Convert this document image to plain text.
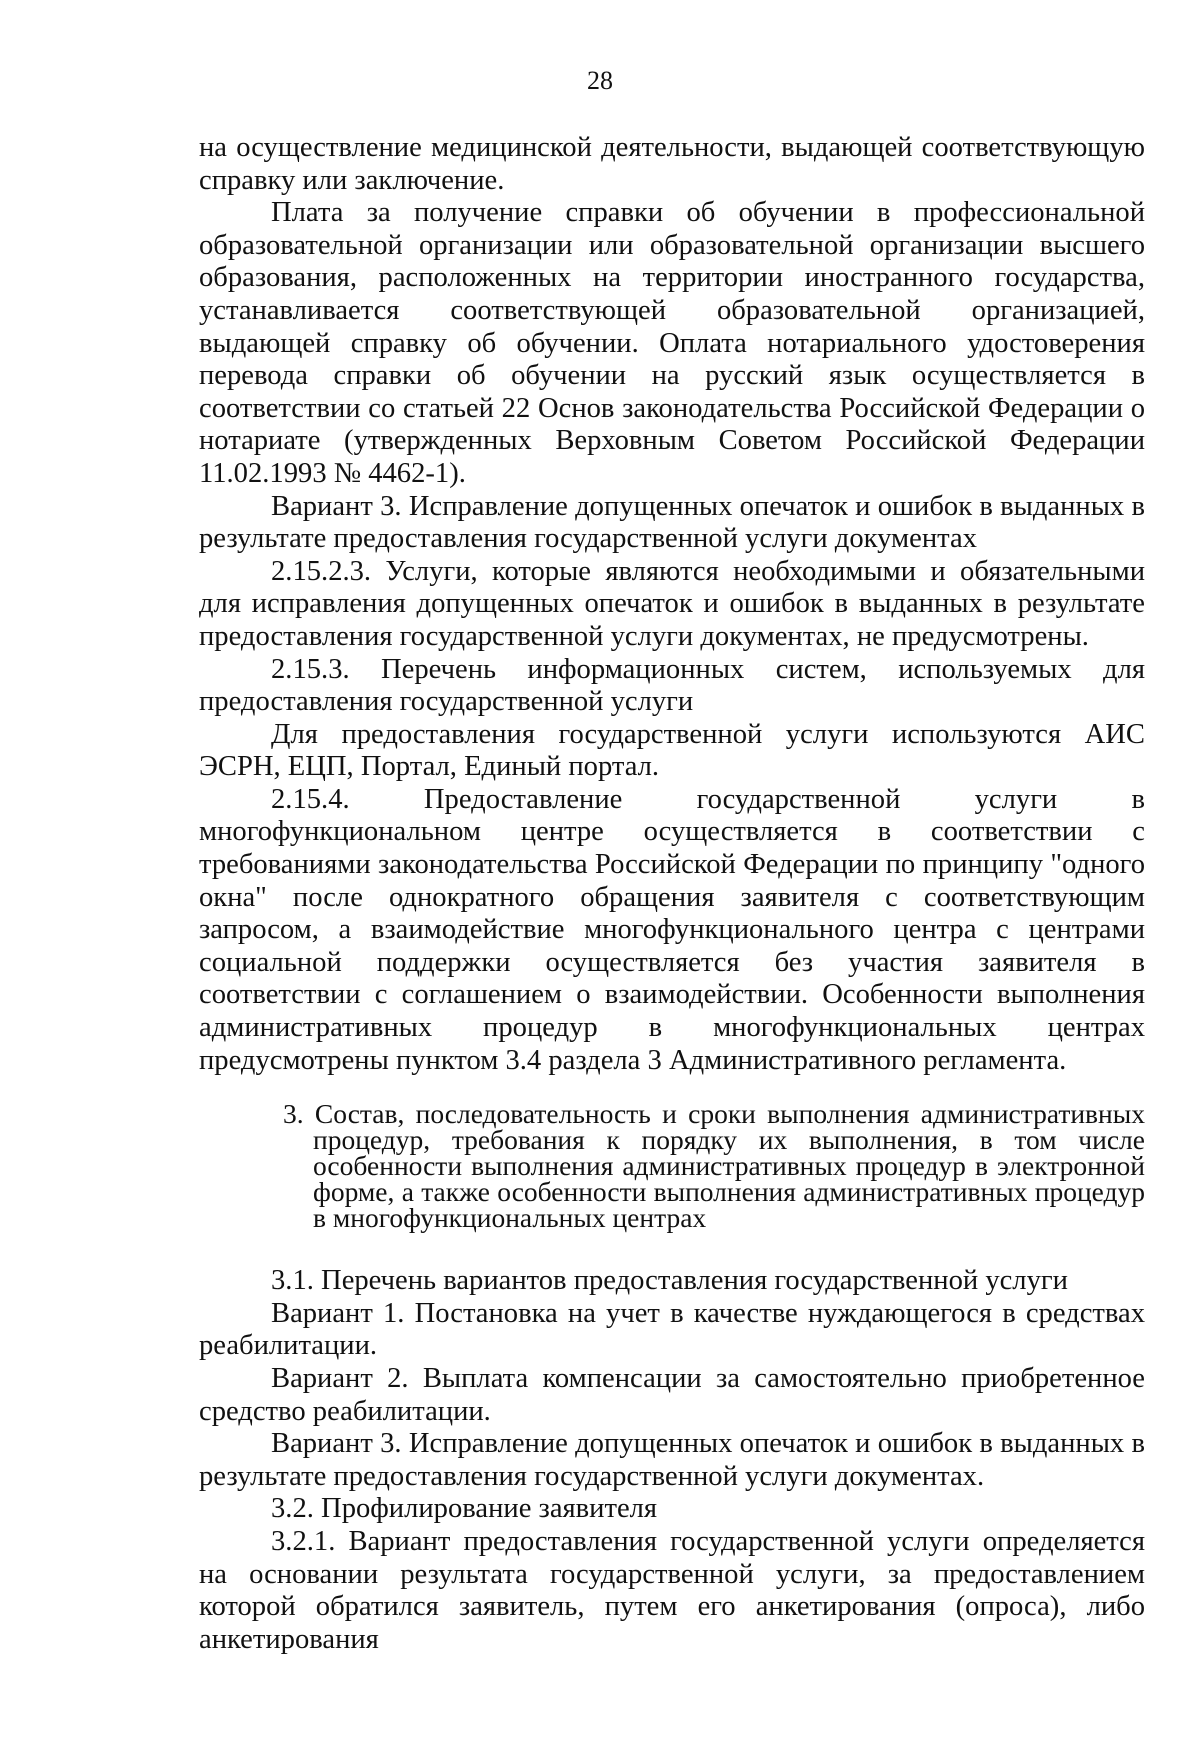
28

на осуществление медицинской деятельности, выдающей соответствующую справку или заключение.

Плата за получение справки об обучении в профессиональной образовательной организации или образовательной организации высшего образования, расположенных на территории иностранного государства, устанавливается соответствующей образовательной организацией, выдающей справку об обучении. Оплата нотариального удостоверения перевода справки об обучении на русский язык осуществляется в соответствии со статьей 22 Основ законодательства Российской Федерации о нотариате (утвержденных Верховным Советом Российской Федерации 11.02.1993 № 4462-1).

Вариант 3. Исправление допущенных опечаток и ошибок в выданных в результате предоставления государственной услуги документах

2.15.2.3. Услуги, которые являются необходимыми и обязательными для исправления допущенных опечаток и ошибок в выданных в результате предоставления государственной услуги документах, не предусмотрены.

2.15.3. Перечень информационных систем, используемых для предоставления государственной услуги

Для предоставления государственной услуги используются АИС ЭСРН, ЕЦП, Портал, Единый портал.

2.15.4. Предоставление государственной услуги в многофункциональном центре осуществляется в соответствии с требованиями законодательства Российской Федерации по принципу "одного окна" после однократного обращения заявителя с соответствующим запросом, а взаимодействие многофункционального центра с центрами социальной поддержки осуществляется без участия заявителя в соответствии с соглашением о взаимодействии. Особенности выполнения административных процедур в многофункциональных центрах предусмотрены пунктом 3.4 раздела 3 Административного регламента.

3. Состав, последовательность и сроки выполнения административных процедур, требования к порядку их выполнения, в том числе особенности выполнения административных процедур в электронной форме, а также особенности выполнения административных процедур в многофункциональных центрах

3.1. Перечень вариантов предоставления государственной услуги

Вариант 1. Постановка на учет в качестве нуждающегося в средствах реабилитации.

Вариант 2. Выплата компенсации за самостоятельно приобретенное средство реабилитации.

Вариант 3. Исправление допущенных опечаток и ошибок в выданных в результате предоставления государственной услуги документах.

3.2. Профилирование заявителя

3.2.1. Вариант предоставления государственной услуги определяется на основании результата государственной услуги, за предоставлением которой обратился заявитель, путем его анкетирования (опроса), либо анкетирования
